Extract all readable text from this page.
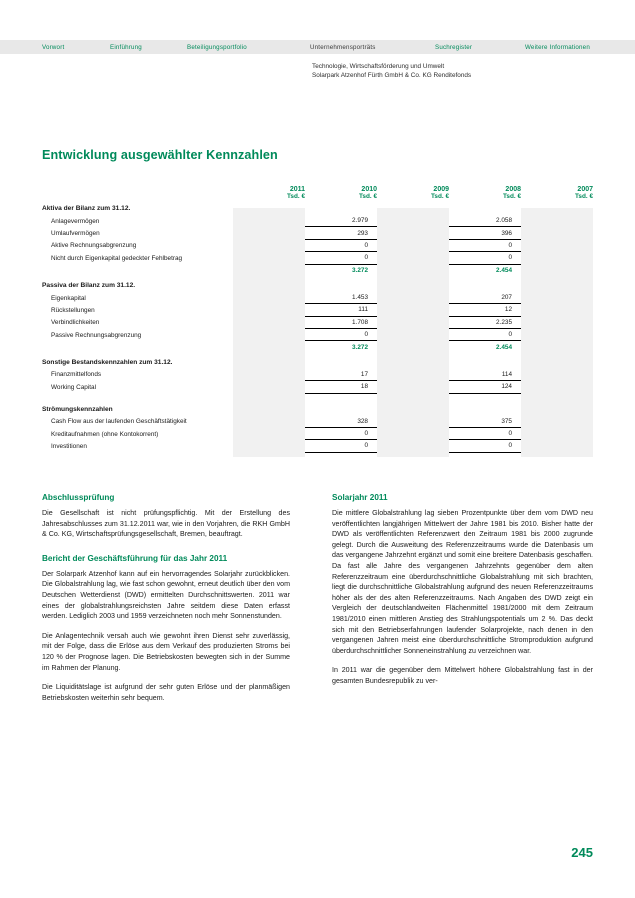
Vorwort	Einführung	Beteiligungsportfolio	Unternehmensporträts	Suchregister	Weitere Informationen
Technologie, Wirtschaftsförderung und Umwelt
Solarpark Atzenhof Fürth GmbH & Co. KG Renditefonds
Entwicklung ausgewählter Kennzahlen
	2011	2010	2009	2008	2007
	Tsd. €	Tsd. €	Tsd. €	Tsd. €	Tsd. €
Aktiva der Bilanz zum 31.12.					
Anlagevermögen		2.979		2.058	
Umlaufvermögen		293		396	
Aktive Rechnungsabgrenzung		0		0	
Nicht durch Eigenkapital gedeckter Fehlbetrag		0		0	
		3.272		2.454	
Passiva der Bilanz zum 31.12.					
Eigenkapital		1.453		207	
Rückstellungen		111		12	
Verbindlichkeiten		1.708		2.235	
Passive Rechnungsabgrenzung		0		0	
		3.272		2.454	
Sonstige Bestandskennzahlen zum 31.12.					
Finanzmittelfonds		17		114	
Working Capital		18		124	

Strömungskennzahlen					
Cash Flow aus der laufenden Geschäftstätigkeit		328		375	
Kreditaufnahmen (ohne Kontokorrent)		0		0	
Investitionen		0		0	
Abschlussprüfung

Die Gesellschaft ist nicht prüfungspflichtig. Mit der Erstellung des Jahresabschlusses zum 31.12.2011 war, wie in den Vorjahren, die RKH GmbH & Co. KG, Wirtschaftsprüfungsgesellschaft, Bremen, beauftragt.

Bericht der Geschäftsführung für das Jahr 2011

Der Solarpark Atzenhof kann auf ein hervorragendes Solarjahr zurückblicken. Die Globalstrahlung lag, wie fast schon gewohnt, erneut deutlich über den vom Deutschen Wetterdienst (DWD) ermittelten Durchschnittswerten. 2011 war eines der globalstrahlungsreichsten Jahre seitdem diese Daten erfasst werden. Lediglich 2003 und 1959 verzeichneten noch mehr Sonnenstunden.

Die Anlagentechnik versah auch wie gewohnt ihren Dienst sehr zuverlässig, mit der Folge, dass die Erlöse aus dem Verkauf des produzierten Stroms bei 120 % der Prognose lagen. Die Betriebskosten bewegten sich in der Summe im Rahmen der Planung.

Die Liquiditätslage ist aufgrund der sehr guten Erlöse und der planmäßigen Betriebskosten weiterhin sehr bequem.

Solarjahr 2011

Die mittlere Globalstrahlung lag sieben Prozentpunkte über dem vom DWD neu veröffentlichten langjährigen Mittelwert der Jahre 1981 bis 2010. Bisher hatte der DWD als veröffentlichten Referenzwert den Zeitraum 1981 bis 2000 zugrunde gelegt. Durch die Ausweitung des Referenzzeitraums wurde die Datenbasis um das vergangene Jahrzehnt ergänzt und somit eine breitere Datenbasis geschaffen. Da fast alle Jahre des vergangenen Jahrzehnts gegenüber dem alten Referenzzeitraum eine überdurchschnittliche Globalstrahlung mit sich brachten, liegt die durchschnittliche Globalstrahlung aufgrund des neuen Referenzzeitraums höher als der des alten Referenzzeitraums. Nach Angaben des DWD zeigt ein Vergleich der deutschlandweiten Flächenmittel 1981/2000 mit dem Zeitraum 1981/2010 einen mittleren Anstieg des Strahlungspotentials um 2 %. Das deckt sich mit den Betriebserfahrungen laufender Solarprojekte, nach denen in den vergangenen Jahren meist eine überdurchschnittliche Stromproduktion aufgrund überdurchschnittlicher Sonneneinstrahlung zu verzeichnen war.

In 2011 war die gegenüber dem Mittelwert höhere Globalstrahlung fast in der gesamten Bundesrepublik zu ver-

245
